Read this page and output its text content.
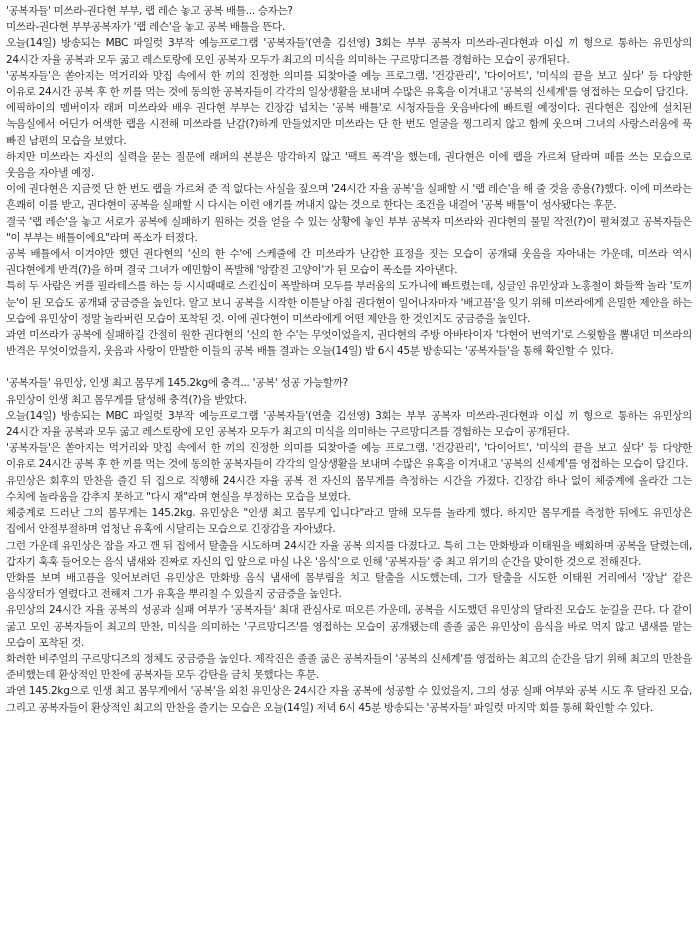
'공복자들' 미쓰라-권다현 부부, 랩 레슨 놓고 공복 배틀... 승자는?

미쓰라-권다현 부부공복자가 '랩 레슨'을 놓고 공복 배틀을 뜬다.

오늘(14일) 방송되는 MBC 파일럿 3부작 예능프로그램 '공복자들'(연출 김선영) 3회는 부부 공복자 미쓰라-권다현과 이십 끼 형으로 통하는 유민상의 24시간 자율 공복과 모두 굶고 레스토랑에 모인 공복자 모두가 최고의 미식을 의미하는 구르망디즈를 경험하는 모습이 공개된다.

'공복자들'은 쏟아지는 먹거리와 맛집 속에서 한 끼의 진정한 의미를 되찾아줄 예능 프로그램. '건강관리', '다이어트', '미식의 끝을 보고 싶다' 등 다양한 이유로 24시간 공복 후 한 끼를 먹는 것에 동의한 공복자들이 각각의 일상생활을 보내며 수많은 유혹을 이겨내고 '공복의 신세계'를 영접하는 모습이 담긴다.

에픽하이의 멤버이자 래퍼 미쓰라와 배우 권다현 부부는 긴장감 넘치는 '공복 배틀'로 시청자들을 웃음바다에 빠트릴 예정이다. 권다현은 집안에 설치된 녹음실에서 어딘가 어색한 랩을 시전해 미쓰라를 난감(?)하게 만들었지만 미쓰라는 단 한 번도 얼굴을 찡그리지 않고 함께 웃으며 그녀의 사랑스러움에 푹 빠진 남편의 모습을 보였다.

하지만 미쓰라는 자신의 실력을 묻는 질문에 래퍼의 본분은 망각하지 않고 '팩트 폭격'을 했는데, 권다현은 이에 랩을 가르쳐 달라며 떼를 쓰는 모습으로 웃음을 자아낼 예정.

이에 권다현은 지금껏 단 한 번도 랩을 가르쳐 준 적 없다는 사실을 짚으며 '24시간 자율 공복'을 실패할 시 '랩 레슨'을 해 줄 것을 종용(?)했다. 이에 미쓰라는 흔쾌히 이를 받고, 권다현이 공복을 실패할 시 다시는 이런 얘기를 꺼내지 않는 것으로 한다는 조건을 내걸어 '공복 배틀'이 성사됐다는 후문.

결국 '랩 레슨'을 놓고 서로가 공복에 실패하기 원하는 것을 얻을 수 있는 상황에 놓인 부부 공복자 미쓰라와 권다현의 물밑 작전(?)이 펼쳐졌고 공복자들은 "이 부부는 배틀이에요"라며 폭소가 터졌다.

공복 배틀에서 이겨야만 했던 권다현의 '신의 한 수'에 스케줄에 간 미쓰라가 난감한 표정을 짓는 모습이 공개돼 웃음을 자아내는 가운데, 미쓰라 역시 권다현에게 반격(?)을 하며 결국 그녀가 예민함이 폭발해 '앙칼진 고양이'가 된 모습이 폭소를 자아낸다.

특히 두 사람은 커플 필라테스를 하는 등 시시때때로 스킨십이 폭발하며 모두를 부러움의 도가니에 빠트렸는데, 싱글인 유민상과 노홍철이 화들짝 놀라 '토끼 눈'이 된 모습도 공개돼 궁금증을 높인다. 알고 보니 공복을 시작한 이튿날 아침 권다현이 일어나자마자 '배고픔'을 잊기 위해 미쓰라에게 은밀한 제안을 하는 모습에 유민상이 정말 놀라버린 모습이 포착된 것. 이에 권다현이 미쓰라에게 어떤 제안을 한 것인지도 궁금증을 높인다.

과연 미쓰라가 공복에 실패하길 간절히 원한 권다현의 '신의 한 수'는 무엇이었을지, 권다현의 주방 아바타이자 '다현어 번역기'로 스윗함을 뽐내던 미쓰라의 반격은 무엇이었을지, 웃음과 사랑이 만발한 이들의 공복 배틀 결과는 오늘(14일) 밤 6시 45분 방송되는 '공복자들'을 통해 확인할 수 있다.

'공복자들' 유민상, 인생 최고 몸무게 145.2kg에 충격... '공복' 성공 가능할까?

유민상이 인생 최고 몸무게를 달성해 충격(?)을 받았다.

오늘(14일) 방송되는 MBC 파일럿 3부작 예능프로그램 '공복자들'(연출 김선영) 3회는 부부 공복자 미쓰라-권다현과 이십 끼 형으로 통하는 유민상의 24시간 자율 공복과 모두 굶고 레스토랑에 모인 공복자 모두가 최고의 미식을 의미하는 구르망디즈를 경험하는 모습이 공개된다.

'공복자들'은 쏟아지는 먹거리와 맛집 속에서 한 끼의 진정한 의미를 되찾아줄 예능 프로그램. '건강관리', '다이어트', '미식의 끝을 보고 싶다' 등 다양한 이유로 24시간 공복 후 한 끼를 먹는 것에 동의한 공복자들이 각각의 일상생활을 보내며 수많은 유혹을 이겨내고 '공복의 신세계'를 영접하는 모습이 담긴다.

유민상은 회후의 만찬을 즐긴 뒤 집으로 직행해 24시간 자율 공복 전 자신의 몸무게를 측정하는 시간을 가졌다. 긴장감 하나 없이 체중계에 올라간 그는 수치에 놀라움을 감추지 못하고 "다시 재"라며 현실을 부정하는 모습을 보였다.

체중계로 드러난 그의 몸무게는 145.2kg. 유민상은 "인생 최고 몸무게 입니다"라고 말해 모두를 놀라게 했다. 하지만 몸무게를 측정한 뒤에도 유민상은 집에서 안절부절하며 엄청난 유혹에 시달리는 모습으로 긴장감을 자아냈다.

그런 가운데 유민상은 잠을 자고 깬 뒤 집에서 탈출을 시도하며 24시간 자율 공복 의지를 다졌다고. 특히 그는 만화방과 이태원을 배회하며 공복을 달렸는데, 갑자기 훅훅 들어오는 음식 냄새와 진짜로 자신의 입 앞으로 마실 나온 '음식'으로 인해 '공복자들' 중 최고 위기의 순간을 맞이한 것으로 전해진다.

만화를 보며 배고픔을 잊어보려던 유민상은 만화방 음식 냄새에 몸부림을 치고 탈출을 시도했는데, 그가 탈출을 시도한 이태원 거리에서 '장날' 같은 음식장터가 열렸다고 전해져 그가 유혹을 뿌리칠 수 있을지 궁금증을 높인다.

유민상의 24시간 자율 공복의 성공과 실패 여부가 '공복자들' 최대 관심사로 떠오른 가운데, 공복을 시도했던 유민상의 달라진 모습도 눈길을 끈다. 다 같이 굶고 모인 공복자들이 최고의 만찬, 미식을 의미하는 '구르망디즈'를 영접하는 모습이 공개됐는데 졸졸 굶은 유민상이 음식을 바로 먹지 않고 냄새를 맡는 모습이 포착된 것.

화려한 비주얼의 구르망디즈의 정체도 궁금증을 높인다. 제작진은 졸졸 굶은 공복자들이 '공복의 신세계'를 영접하는 최고의 순간을 담기 위해 최고의 만찬을 준비했는데 환상적인 만찬에 공복자들 모두 감탄을 금치 못했다는 후문.

과연 145.2kg으로 인생 최고 몸무게에서 '공복'을 외친 유민상은 24시간 자율 공복에 성공할 수 있었을지, 그의 성공 실패 여부와 공복 시도 후 달라진 모습, 그리고 공복자들이 환상적인 최고의 만찬을 즐기는 모습은 오늘(14일) 저녁 6시 45분 방송되는 '공복자들' 파일럿 마지막 회를 통해 확인할 수 있다.
